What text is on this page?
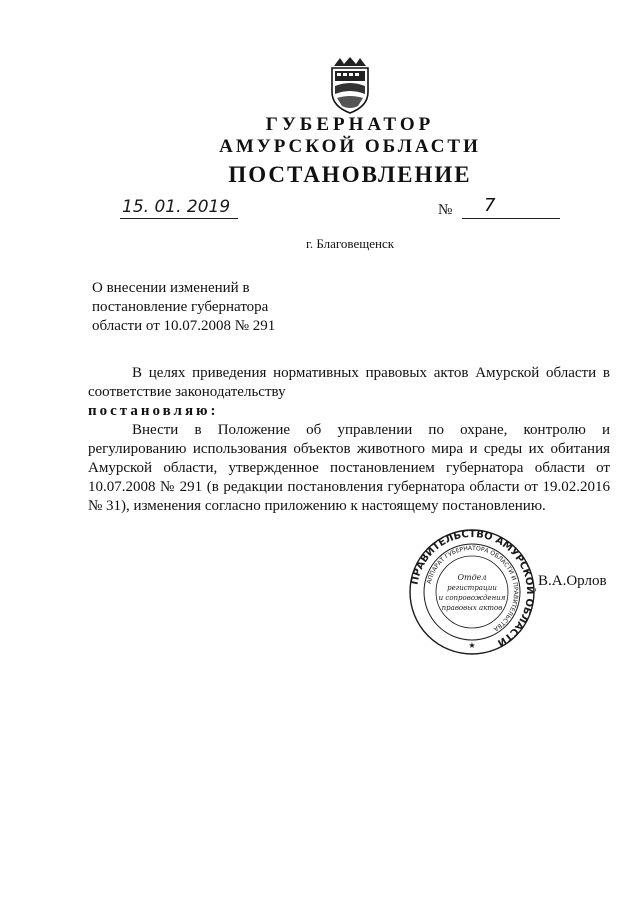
ГУБЕРНАТОР
АМУРСКОЙ ОБЛАСТИ
ПОСТАНОВЛЕНИЕ
15. 01. 2019	№ 7
г. Благовещенск
О внесении изменений в
постановление губернатора
области от 10.07.2008 № 291

В целях приведения нормативных правовых актов Амурской области в соответствие законодательству

постановляю:

Внести в Положение об управлении по охране, контролю и регулированию использования объектов животного мира и среды их обитания Амурской области, утвержденное постановлением губернатора области от 10.07.2008 № 291 (в редакции постановления губернатора области от 19.02.2016 № 31), изменения согласно приложению к настоящему постановлению.

ПРАВИТЕЛЬСТВО АМУРСКОЙ ОБЛАСТИ
АППАРАТ ГУБЕРНАТОРА ОБЛАСТИ И ПРАВИТЕЛЬСТВА
Отдел
регистрации
и сопровождения
правовых актов
★
В.А.Орлов
